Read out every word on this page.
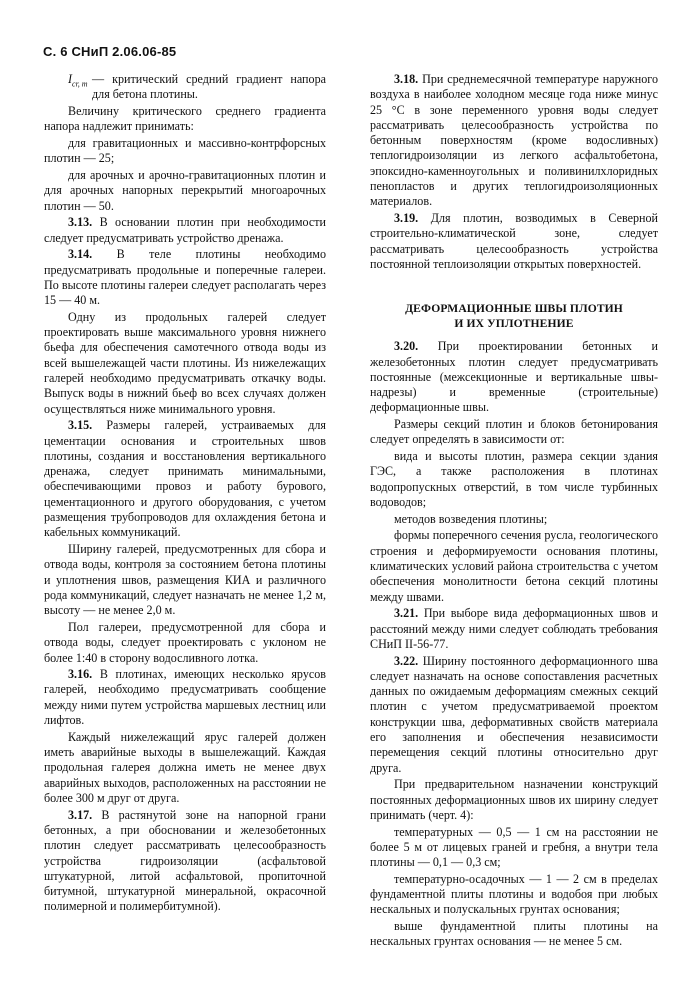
С. 6 СНиП 2.06.06-85

$I_{cr, m}$ — критический средний градиент напора для бетона плотины.

Величину критического среднего градиента напора надлежит принимать:

для гравитационных и массивно-контрфорсных плотин — 25;

для арочных и арочно-гравитационных плотин и для арочных напорных перекрытий многоарочных плотин — 50.

3.13. В основании плотин при необходимости следует предусматривать устройство дренажа.

3.14. В теле плотины необходимо предусматривать продольные и поперечные галереи. По высоте плотины галереи следует располагать через 15 — 40 м.

Одну из продольных галерей следует проектировать выше максимального уровня нижнего бьефа для обеспечения самотечного отвода воды из всей вышележащей части плотины. Из нижележащих галерей необходимо предусматривать откачку воды. Выпуск воды в нижний бьеф во всех случаях должен осуществляться ниже минимального уровня.

3.15. Размеры галерей, устраиваемых для цементации основания и строительных швов плотины, создания и восстановления вертикального дренажа, следует принимать минимальными, обеспечивающими провоз и работу бурового, цементационного и другого оборудования, с учетом размещения трубопроводов для охлаждения бетона и кабельных коммуникаций.

Ширину галерей, предусмотренных для сбора и отвода воды, контроля за состоянием бетона плотины и уплотнения швов, размещения КИА и различного рода коммуникаций, следует назначать не менее 1,2 м, высоту — не менее 2,0 м.

Пол галереи, предусмотренной для сбора и отвода воды, следует проектировать с уклоном не более 1:40 в сторону водосливного лотка.

3.16. В плотинах, имеющих несколько ярусов галерей, необходимо предусматривать сообщение между ними путем устройства маршевых лестниц или лифтов.

Каждый нижележащий ярус галерей должен иметь аварийные выходы в вышележащий. Каждая продольная галерея должна иметь не менее двух аварийных выходов, расположенных на расстоянии не более 300 м друг от друга.

3.17. В растянутой зоне на напорной грани бетонных, а при обосновании и железобетонных плотин следует рассматривать целесообразность устройства гидроизоляции (асфальтовой штукатурной, литой асфальтовой, пропиточной битумной, штукатурной минеральной, окрасочной полимерной и полимербитумной).

3.18. При среднемесячной температуре наружного воздуха в наиболее холодном месяце года ниже минус 25 °С в зоне переменного уровня воды следует рассматривать целесообразность устройства по бетонным поверхностям (кроме водосливных) теплогидроизоляции из легкого асфальтобетона, эпоксидно-каменноугольных и поливинилхлоридных пенопластов и других теплогидроизоляционных материалов.

3.19. Для плотин, возводимых в Северной строительно-климатической зоне, следует рассматривать целесообразность устройства постоянной теплоизоляции открытых поверхностей.

ДЕФОРМАЦИОННЫЕ ШВЫ ПЛОТИН
И ИХ УПЛОТНЕНИЕ

3.20. При проектировании бетонных и железобетонных плотин следует предусматривать постоянные (межсекционные и вертикальные швы-надрезы) и временные (строительные) деформационные швы.

Размеры секций плотин и блоков бетонирования следует определять в зависимости от:

вида и высоты плотин, размера секции здания ГЭС, а также расположения в плотинах водопропускных отверстий, в том числе турбинных водоводов;

методов возведения плотины;

формы поперечного сечения русла, геологического строения и деформируемости основания плотины, климатических условий района строительства с учетом обеспечения монолитности бетона секций плотины между швами.

3.21. При выборе вида деформационных швов и расстояний между ними следует соблюдать требования СНиП II-56-77.

3.22. Ширину постоянного деформационного шва следует назначать на основе сопоставления расчетных данных по ожидаемым деформациям смежных секций плотин с учетом предусматриваемой проектом конструкции шва, деформативных свойств материала его заполнения и обеспечения независимости перемещения секций плотины относительно друг друга.

При предварительном назначении конструкций постоянных деформационных швов их ширину следует принимать (черт. 4):

температурных — 0,5 — 1 см на расстоянии не более 5 м от лицевых граней и гребня, а внутри тела плотины — 0,1 — 0,3 см;

температурно-осадочных — 1 — 2 см в пределах фундаментной плиты плотины и водобоя при любых нескальных и полускальных грунтах основания;

выше фундаментной плиты плотины на нескальных грунтах основания — не менее 5 см.
